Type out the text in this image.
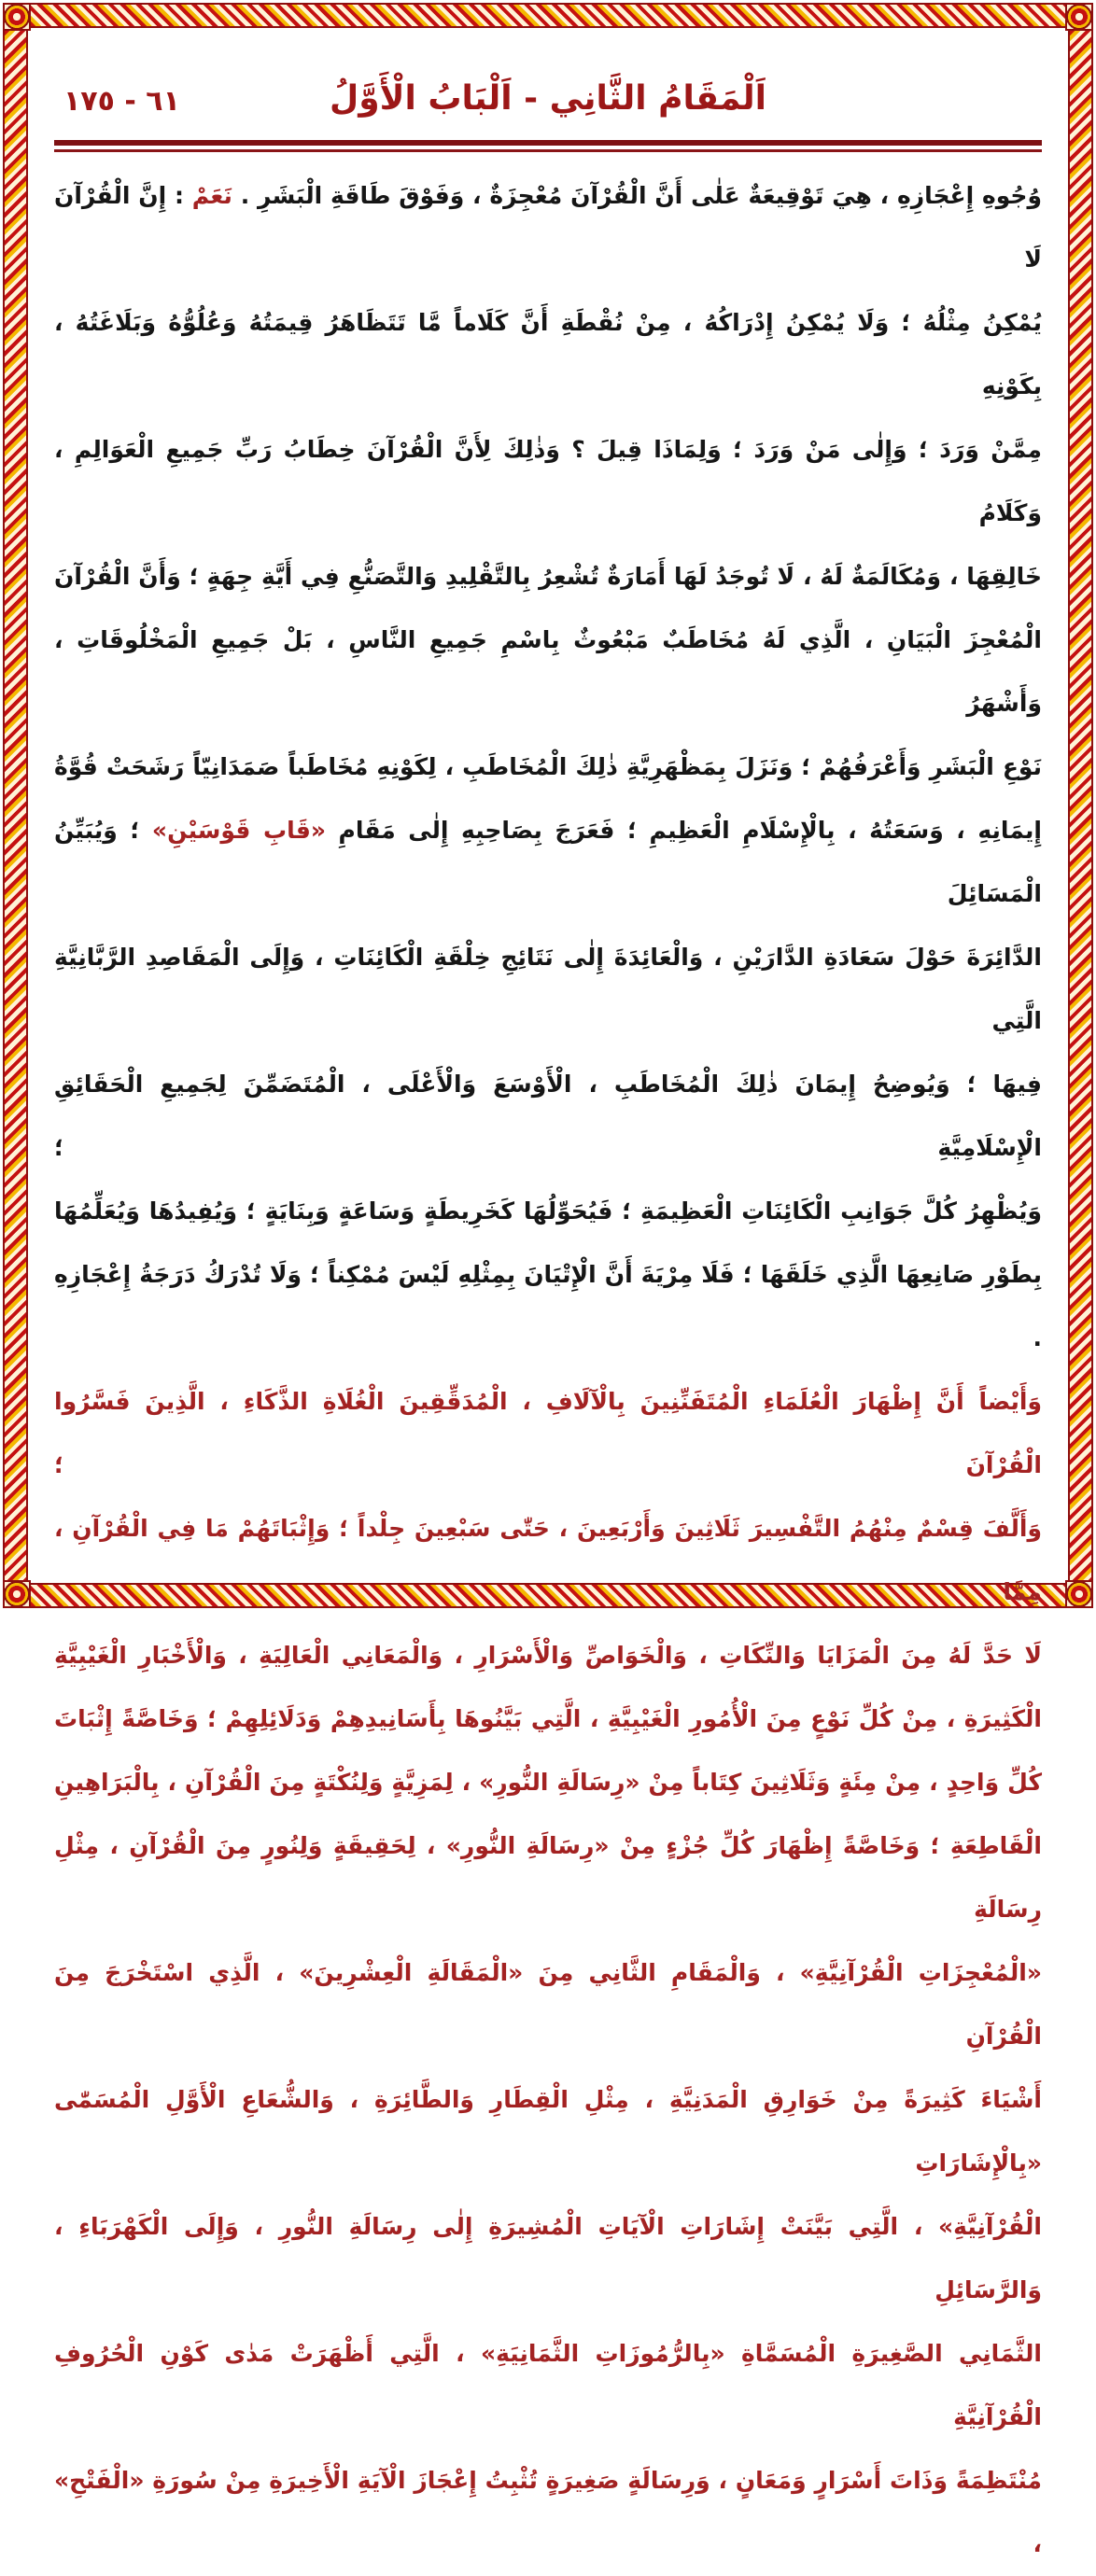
٦١ - ١٧٥	اَلْمَقَامُ الثَّانِي - اَلْبَابُ الْأَوَّلُ
وُجُوهِ إِعْجَازِهِ ، هِيَ تَوْقِيعَةٌ عَلٰى أَنَّ الْقُرْآنَ مُعْجِزَةٌ ، وَفَوْقَ طَاقَةِ الْبَشَرِ . نَعَمْ : إِنَّ الْقُرْآنَ لَا
يُمْكِنُ مِثْلُهُ ؛ وَلَا يُمْكِنُ إِدْرَاكُهُ ، مِنْ نُقْطَةِ أَنَّ كَلَاماً مَّا تَتَظَاهَرُ قِيمَتُهُ وَعُلُوُّهُ وَبَلَاغَتُهُ ، بِكَوْنِهِ
مِمَّنْ وَرَدَ ؛ وَإِلٰى مَنْ وَرَدَ ؛ وَلِمَاذَا قِيلَ ؟ وَذٰلِكَ لِأَنَّ الْقُرْآنَ خِطَابُ رَبِّ جَمِيعِ الْعَوَالِمِ ، وَكَلَامُ
خَالِقِهَا ، وَمُكَالَمَةٌ لَهُ ، لَا تُوجَدُ لَهَا أَمَارَةٌ تُشْعِرُ بِالتَّقْلِيدِ وَالتَّصَنُّعِ فِي أَيَّةِ جِهَةٍ ؛ وَأَنَّ الْقُرْآنَ
الْمُعْجِزَ الْبَيَانِ ، الَّذِي لَهُ مُخَاطَبٌ مَبْعُوثٌ بِاسْمِ جَمِيعِ النَّاسِ ، بَلْ جَمِيعِ الْمَخْلُوقَاتِ ، وَأَشْهَرُ
نَوْعِ الْبَشَرِ وَأَعْرَفُهُمْ ؛ وَنَزَلَ بِمَظْهَرِيَّةِ ذٰلِكَ الْمُخَاطَبِ ، لِكَوْنِهِ مُخَاطَباً صَمَدَانِيّاً رَشَحَتْ قُوَّةُ
إِيمَانِهِ ، وَسَعَتُهُ ، بِالْإِسْلَامِ الْعَظِيمِ ؛ فَعَرَجَ بِصَاحِبِهِ إِلٰى مَقَامِ «قَابِ قَوْسَيْنِ» ؛ وَيُبَيِّنُ الْمَسَائِلَ
الدَّائِرَةَ حَوْلَ سَعَادَةِ الدَّارَيْنِ ، وَالْعَائِدَةَ إِلٰى نَتَائِجِ خِلْقَةِ الْكَائِنَاتِ ، وَإِلَى الْمَقَاصِدِ الرَّبَّانِيَّةِ الَّتِي
فِيهَا ؛ وَيُوضِحُ إِيمَانَ ذٰلِكَ الْمُخَاطَبِ ، الْأَوْسَعَ وَالْأَعْلَى ، الْمُتَضَمِّنَ لِجَمِيعِ الْحَقَائِقِ الْإِسْلَامِيَّةِ ؛
وَيُظْهِرُ كُلَّ جَوَانِبِ الْكَائِنَاتِ الْعَظِيمَةِ ؛ فَيُحَوِّلُهَا كَخَرِيطَةٍ وَسَاعَةٍ وَبِنَايَةٍ ؛ وَيُفِيدُهَا وَيُعَلِّمُهَا
بِطَوْرِ صَانِعِهَا الَّذِي خَلَقَهَا ؛ فَلَا مِرْيَةَ أَنَّ الْإِتْيَانَ بِمِثْلِهِ لَيْسَ مُمْكِناً ؛ وَلَا تُدْرَكُ دَرَجَةُ إِعْجَازِهِ .
وَأَيْضاً أَنَّ إِظْهَارَ الْعُلَمَاءِ الْمُتَفَنِّنِينَ بِالْآلَافِ ، الْمُدَقِّقِينَ الْغُلَاةِ الذَّكَاءِ ، الَّذِينَ فَسَّرُوا الْقُرْآنَ ؛
وَأَلَّفَ قِسْمٌ مِنْهُمُ التَّفْسِيرَ ثَلَاثِينَ وَأَرْبَعِينَ ، حَتّٰى سَبْعِينَ جِلْداً ؛ وَإِثْبَاتَهُمْ مَا فِي الْقُرْآنِ ، مِمَّا
لَا حَدَّ لَهُ مِنَ الْمَزَايَا وَالنِّكَاتِ ، وَالْخَوَاصِّ وَالْأَسْرَارِ ، وَالْمَعَانِي الْعَالِيَةِ ، وَالْأَخْبَارِ الْغَيْبِيَّةِ
الْكَثِيرَةِ ، مِنْ كُلِّ نَوْعٍ مِنَ الْأُمُورِ الْغَيْبِيَّةِ ، الَّتِي بَيَّنُوهَا بِأَسَانِيدِهِمْ وَدَلَائِلِهِمْ ؛ وَخَاصَّةً إِثْبَاتَ
كُلِّ وَاحِدٍ ، مِنْ مِئَةٍ وَثَلَاثِينَ كِتَاباً مِنْ «رِسَالَةِ النُّورِ» ، لِمَزِيَّةٍ وَلِنُكْتَةٍ مِنَ الْقُرْآنِ ، بِالْبَرَاهِينِ
الْقَاطِعَةِ ؛ وَخَاصَّةً إِظْهَارَ كُلِّ جُزْءٍ مِنْ «رِسَالَةِ النُّورِ» ، لِحَقِيقَةٍ وَلِنُورٍ مِنَ الْقُرْآنِ ، مِثْلِ رِسَالَةِ
«الْمُعْجِزَاتِ الْقُرْآنِيَّةِ» ، وَالْمَقَامِ الثَّانِي مِنَ «الْمَقَالَةِ الْعِشْرِينَ» ، الَّذِي اسْتَخْرَجَ مِنَ الْقُرْآنِ
أَشْيَاءَ كَثِيرَةً مِنْ خَوَارِقِ الْمَدَنِيَّةِ ، مِثْلِ الْقِطَارِ وَالطَّائِرَةِ ، وَالشُّعَاعِ الْأَوَّلِ الْمُسَمّٰى «بِالْإِشَارَاتِ
الْقُرْآنِيَّةِ» ، الَّتِي بَيَّنَتْ إِشَارَاتِ الْآيَاتِ الْمُشِيرَةِ إِلٰى رِسَالَةِ النُّورِ ، وَإِلَى الْكَهْرَبَاءِ ، وَالرَّسَائِلِ
الثَّمَانِي الصَّغِيرَةِ الْمُسَمَّاةِ «بِالرُّمُوزَاتِ الثَّمَانِيَةِ» ، الَّتِي أَظْهَرَتْ مَدٰى كَوْنِ الْحُرُوفِ الْقُرْآنِيَّةِ
مُنْتَظِمَةً وَذَاتَ أَسْرَارٍ وَمَعَانٍ ، وَرِسَالَةٍ صَغِيرَةٍ تُثْبِتُ إِعْجَازَ الْآيَةِ الْأَخِيرَةِ مِنْ سُورَةِ «الْفَتْحِ» ،
